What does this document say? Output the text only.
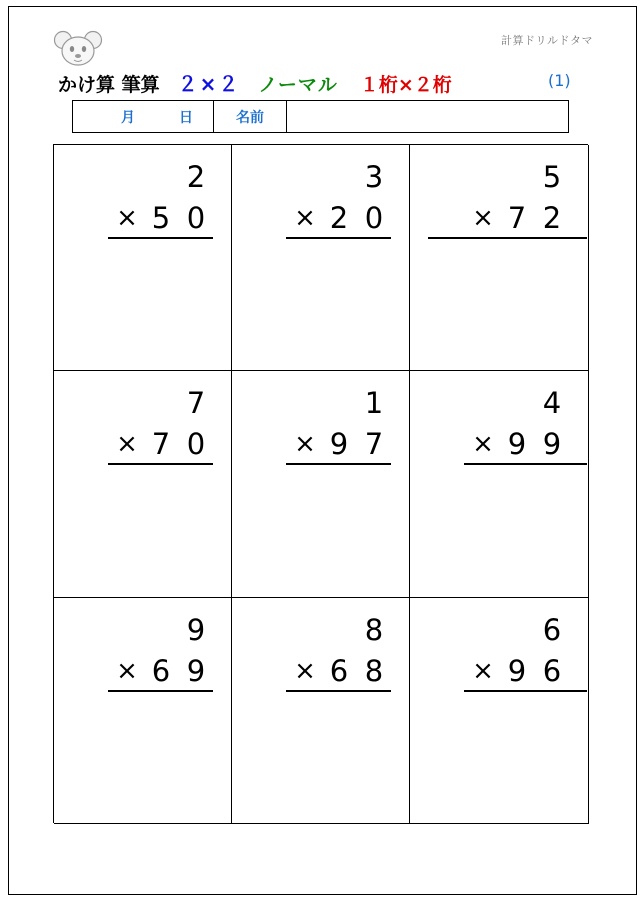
計算ドリルドタマ
かけ算 筆算 ２×２ ノーマル １桁×２桁	(1)
月	日	名前
2
× 5 0
3
× 2 0
5
× 7 2
7
× 7 0
1
× 9 7
4
× 9 9
9
× 6 9
8
× 6 8
6
× 9 6
